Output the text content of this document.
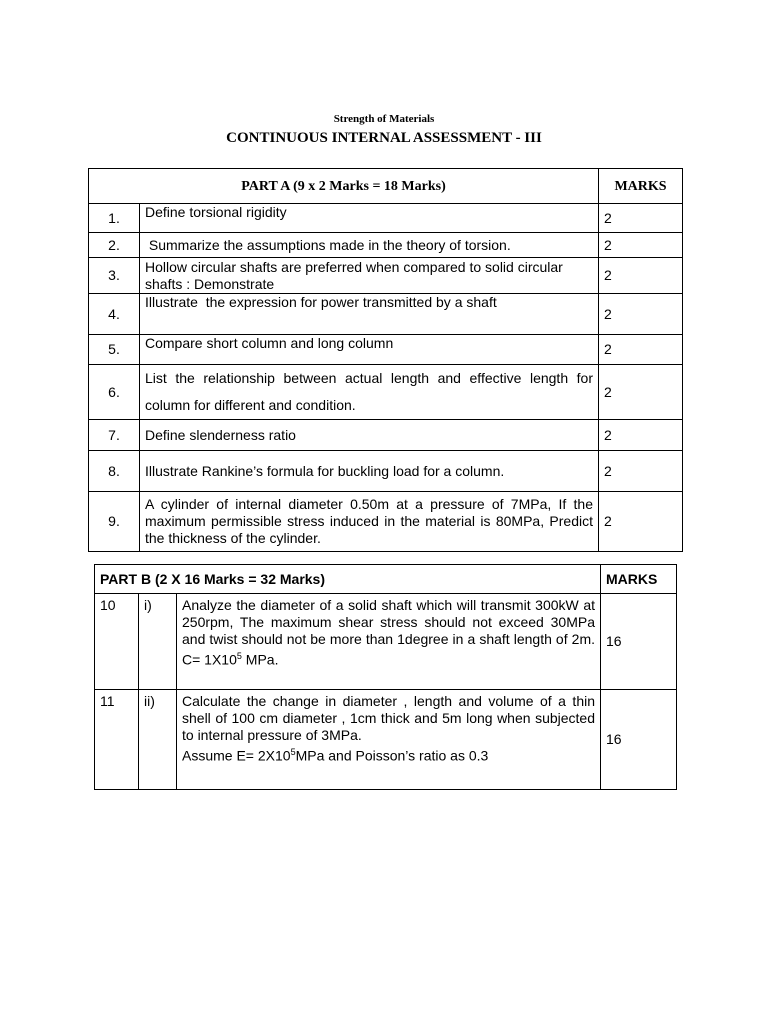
Strength of Materials
CONTINUOUS INTERNAL ASSESSMENT - III
PART A (9 x 2 Marks = 18 Marks)		MARKS
1.	Define torsional rigidity	2
2.	Summarize the assumptions made in the theory of torsion.	2
3.	Hollow circular shafts are preferred when compared to solid circular shafts : Demonstrate	2
4.	Illustrate  the expression for power transmitted by a shaft	2
5.	Compare short column and long column	2
6.	List the relationship between actual length and effective length for column for different and condition.	2
7.	Define slenderness ratio	2
8.	Illustrate Rankine’s formula for buckling load for a column.	2
9.	A cylinder of internal diameter 0.50m at a pressure of 7MPa, If the maximum permissible stress induced in the material is 80MPa, Predict the thickness of the cylinder.	2
PART B (2 X 16 Marks = 32 Marks)			MARKS
10	i)	Analyze the diameter of a solid shaft which will transmit 300kW at 250rpm, The maximum shear stress should not exceed 30MPa and twist should not be more than 1degree in a shaft length of 2m. $C= 1X10^5$ MPa.	16
11	ii)	Calculate the change in diameter , length and volume of a thin shell of 100 cm diameter , 1cm thick and 5m long when subjected to internal pressure of 3MPa.
Assume $E= 2X10^5MPa$ and Poisson’s ratio as 0.3	16
